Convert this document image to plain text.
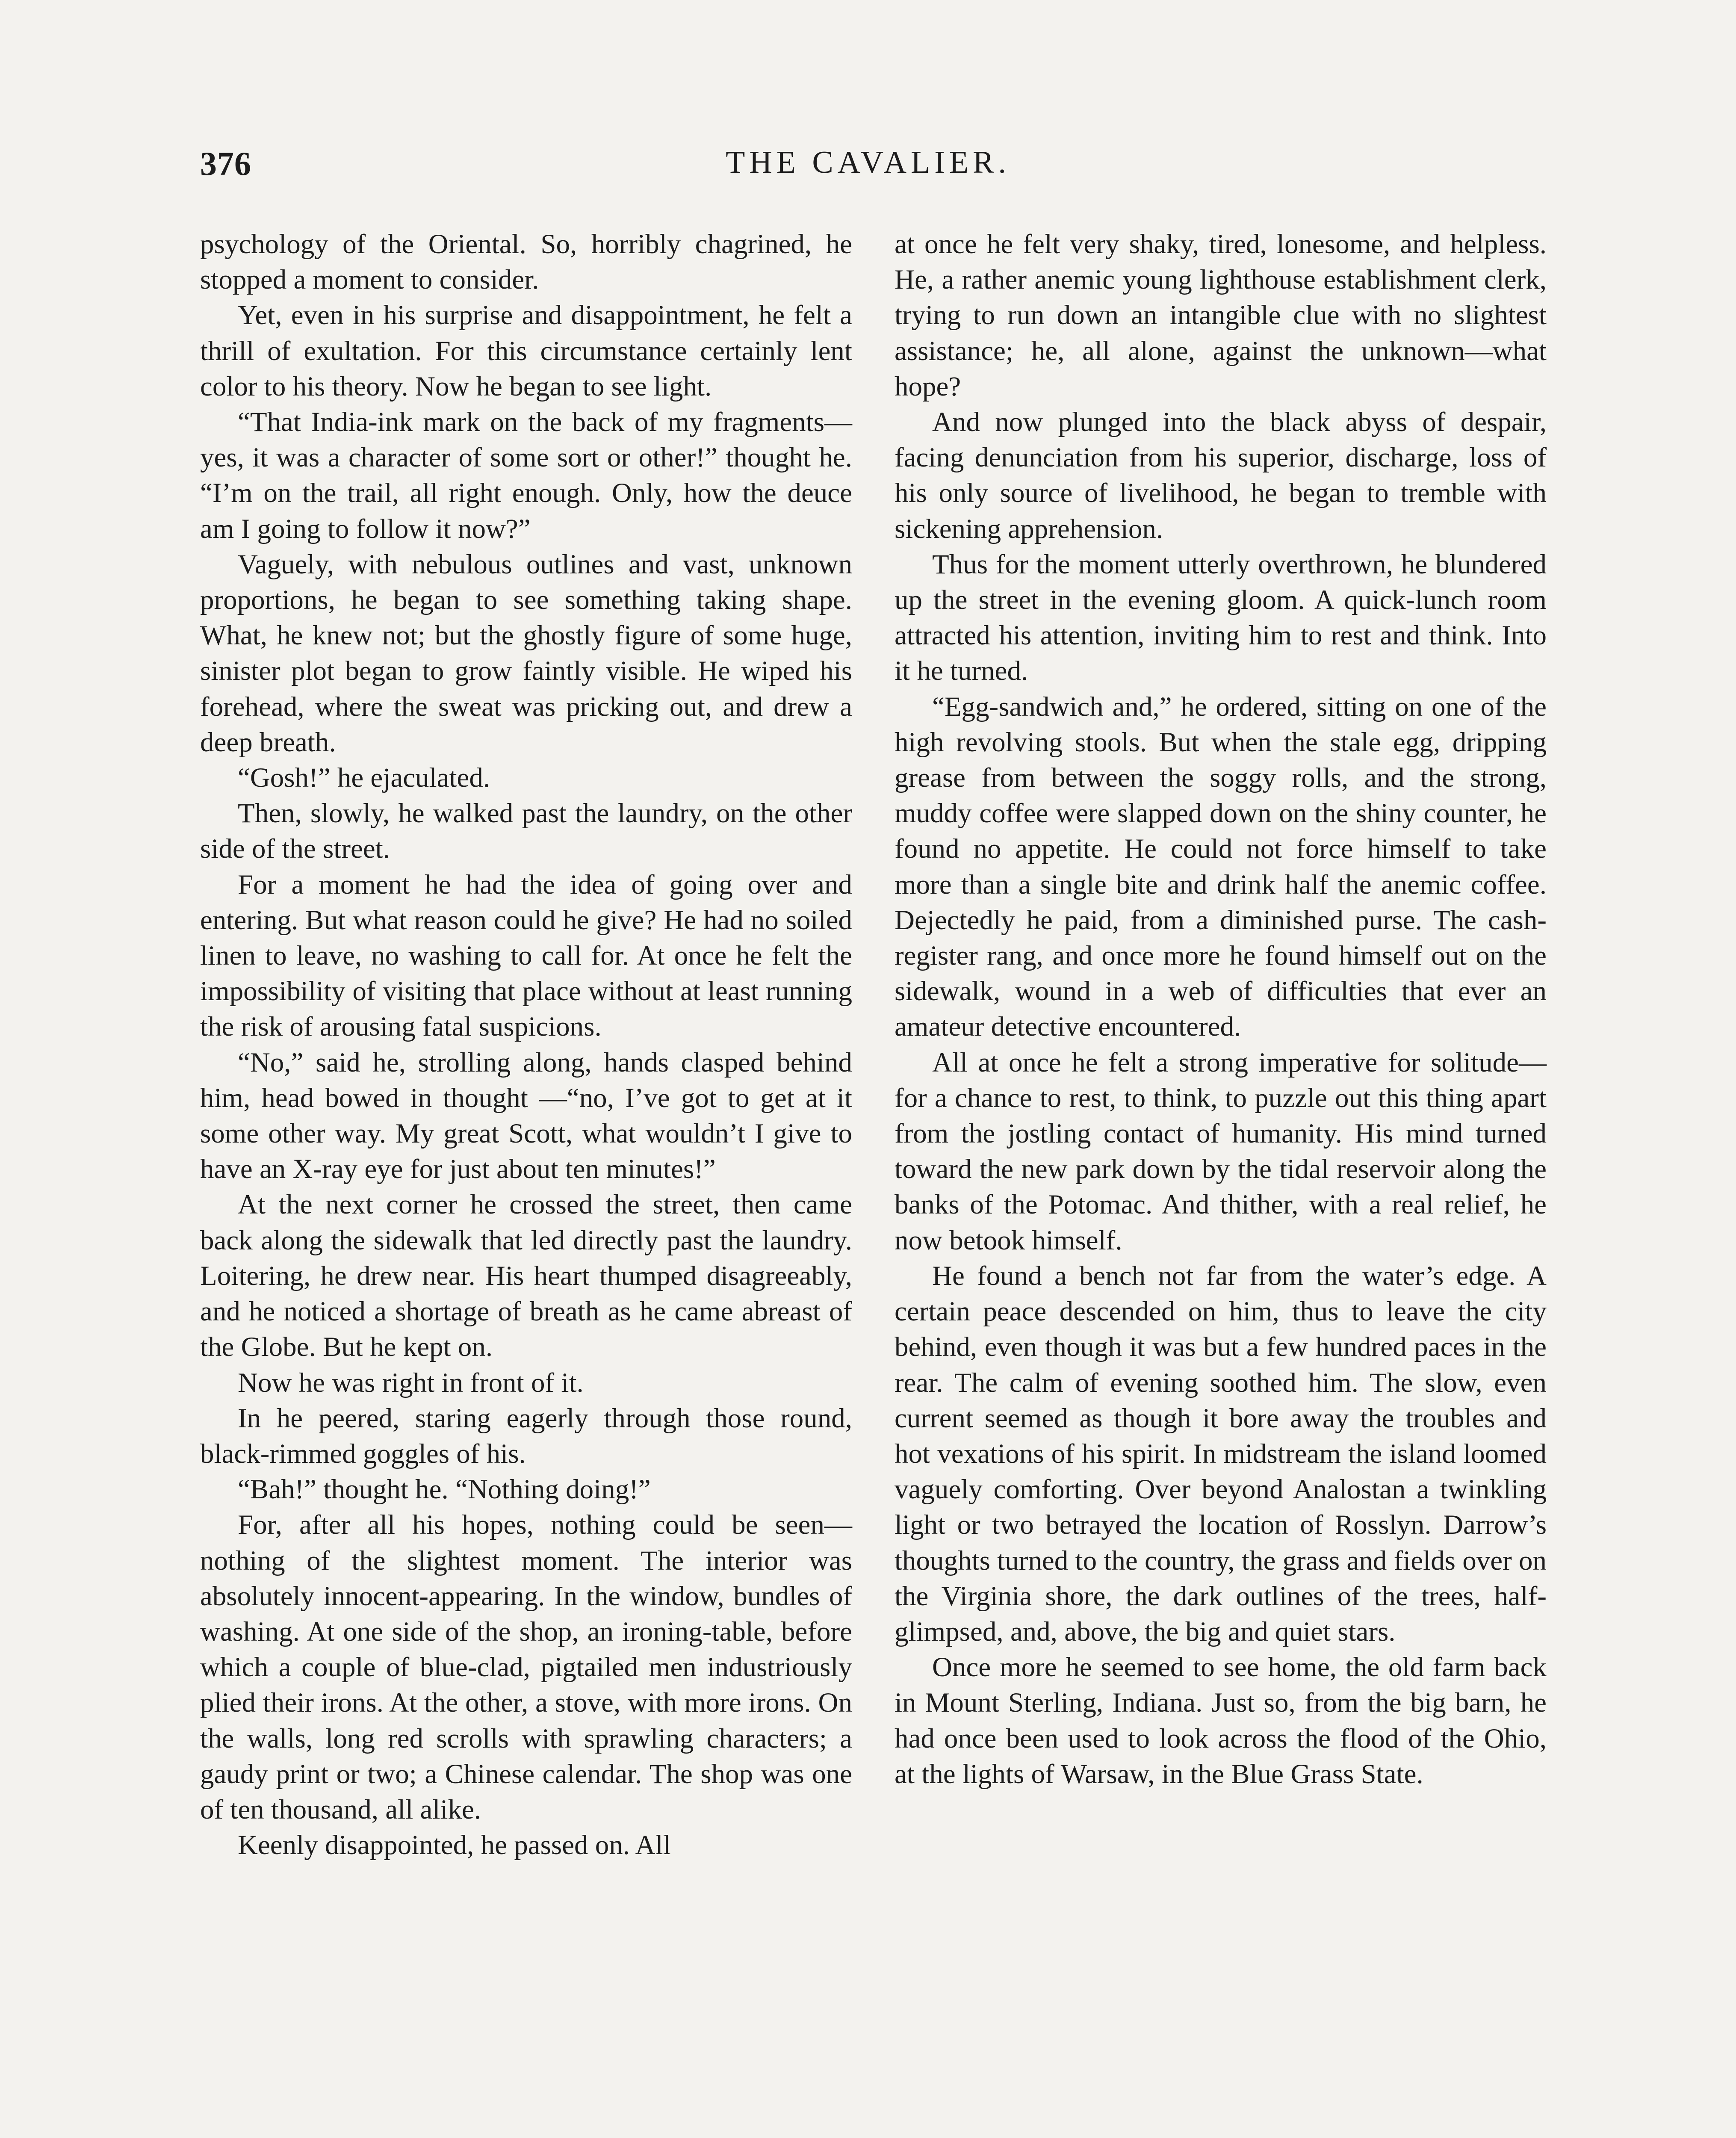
376	THE CAVALIER.

psychology of the Oriental. So, horribly chagrined, he stopped a moment to consider.

Yet, even in his surprise and disappointment, he felt a thrill of exultation. For this circumstance certainly lent color to his theory. Now he began to see light.

“That India-ink mark on the back of my fragments—yes, it was a character of some sort or other!” thought he. “I’m on the trail, all right enough. Only, how the deuce am I going to follow it now?”

Vaguely, with nebulous outlines and vast, unknown proportions, he began to see something taking shape. What, he knew not; but the ghostly figure of some huge, sinister plot began to grow faintly visible. He wiped his forehead, where the sweat was pricking out, and drew a deep breath.

“Gosh!” he ejaculated.

Then, slowly, he walked past the laundry, on the other side of the street.

For a moment he had the idea of going over and entering. But what reason could he give? He had no soiled linen to leave, no washing to call for. At once he felt the impossibility of visiting that place without at least running the risk of arousing fatal suspicions.

“No,” said he, strolling along, hands clasped behind him, head bowed in thought —“no, I’ve got to get at it some other way. My great Scott, what wouldn’t I give to have an X-ray eye for just about ten minutes!”

At the next corner he crossed the street, then came back along the sidewalk that led directly past the laundry. Loitering, he drew near. His heart thumped disagreeably, and he noticed a shortage of breath as he came abreast of the Globe. But he kept on.

Now he was right in front of it.

In he peered, staring eagerly through those round, black-rimmed goggles of his.

“Bah!” thought he. “Nothing doing!”

For, after all his hopes, nothing could be seen—nothing of the slightest moment. The interior was absolutely innocent-appearing. In the window, bundles of washing. At one side of the shop, an ironing-table, before which a couple of blue-clad, pigtailed men industriously plied their irons. At the other, a stove, with more irons. On the walls, long red scrolls with sprawling characters; a gaudy print or two; a Chinese calendar. The shop was one of ten thousand, all alike.

Keenly disappointed, he passed on. All

at once he felt very shaky, tired, lonesome, and helpless. He, a rather anemic young lighthouse establishment clerk, trying to run down an intangible clue with no slightest assistance; he, all alone, against the unknown—what hope?

And now plunged into the black abyss of despair, facing denunciation from his superior, discharge, loss of his only source of livelihood, he began to tremble with sickening apprehension.

Thus for the moment utterly overthrown, he blundered up the street in the evening gloom. A quick-lunch room attracted his attention, inviting him to rest and think. Into it he turned.

“Egg-sandwich and,” he ordered, sitting on one of the high revolving stools. But when the stale egg, dripping grease from between the soggy rolls, and the strong, muddy coffee were slapped down on the shiny counter, he found no appetite. He could not force himself to take more than a single bite and drink half the anemic coffee. Dejectedly he paid, from a diminished purse. The cash-register rang, and once more he found himself out on the sidewalk, wound in a web of difficulties that ever an amateur detective encountered.

All at once he felt a strong imperative for solitude—for a chance to rest, to think, to puzzle out this thing apart from the jostling contact of humanity. His mind turned toward the new park down by the tidal reservoir along the banks of the Potomac. And thither, with a real relief, he now betook himself.

He found a bench not far from the water’s edge. A certain peace descended on him, thus to leave the city behind, even though it was but a few hundred paces in the rear. The calm of evening soothed him. The slow, even current seemed as though it bore away the troubles and hot vexations of his spirit. In midstream the island loomed vaguely comforting. Over beyond Analostan a twinkling light or two betrayed the location of Rosslyn. Darrow’s thoughts turned to the country, the grass and fields over on the Virginia shore, the dark outlines of the trees, half-glimpsed, and, above, the big and quiet stars.

Once more he seemed to see home, the old farm back in Mount Sterling, Indiana. Just so, from the big barn, he had once been used to look across the flood of the Ohio, at the lights of Warsaw, in the Blue Grass State.
